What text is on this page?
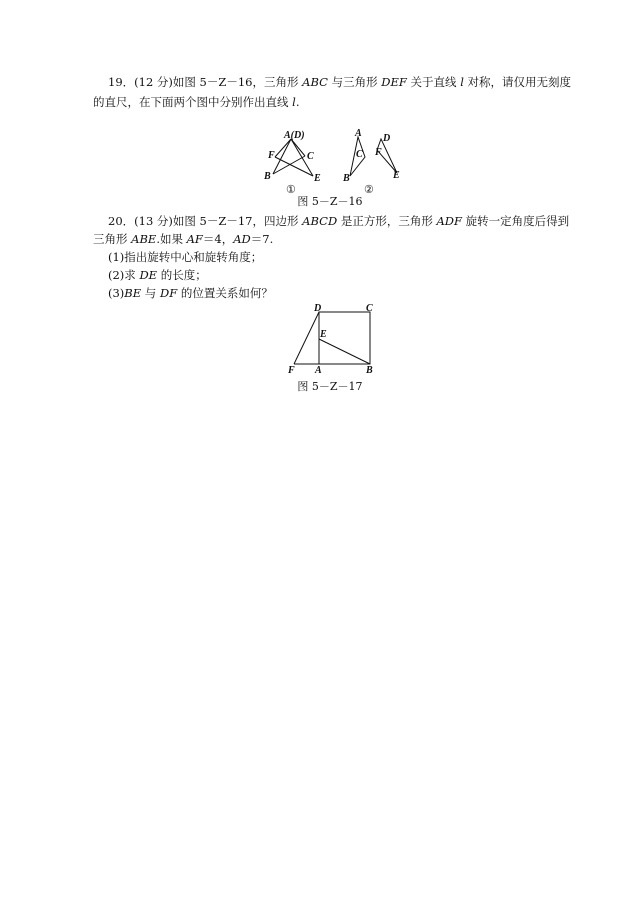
19．(12 分)如图 5－Z－16，三角形 ABC 与三角形 DEF 关于直线 l 对称，请仅用无刻度
的直尺，在下面两个图中分别作出直线 l.
A(D)
F	C
B	E
①
A
C
D
F
B	E
②
图 5－Z－16
20．(13 分)如图 5－Z－17，四边形 ABCD 是正方形，三角形 ADF 旋转一定角度后得到
三角形 ABE.如果 AF＝4，AD＝7.
(1)指出旋转中心和旋转角度；
(2)求 DE 的长度；
(3)BE 与 DF 的位置关系如何？
D	C
E
F A	B
图 5－Z－17
